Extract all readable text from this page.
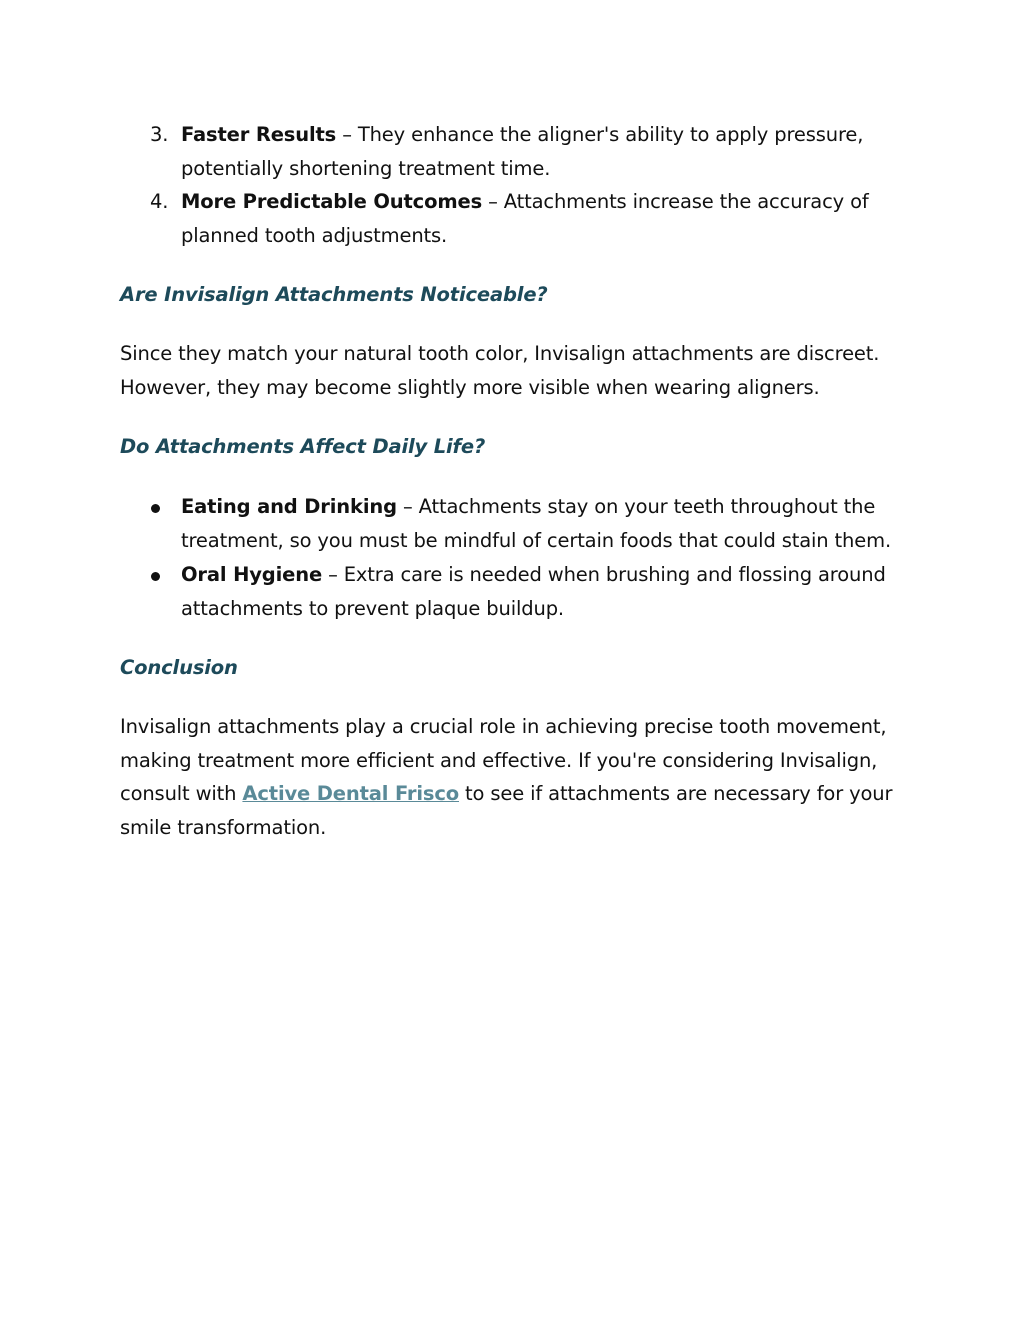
3. Faster Results – They enhance the aligner's ability to apply pressure, potentially shortening treatment time.
4. More Predictable Outcomes – Attachments increase the accuracy of planned tooth adjustments.
Are Invisalign Attachments Noticeable?

Since they match your natural tooth color, Invisalign attachments are discreet. However, they may become slightly more visible when wearing aligners.

Do Attachments Affect Daily Life?
Eating and Drinking – Attachments stay on your teeth throughout the treatment, so you must be mindful of certain foods that could stain them.
Oral Hygiene – Extra care is needed when brushing and flossing around attachments to prevent plaque buildup.
Conclusion

Invisalign attachments play a crucial role in achieving precise tooth movement, making treatment more efficient and effective. If you're considering Invisalign, consult with Active Dental Frisco to see if attachments are necessary for your smile transformation.
